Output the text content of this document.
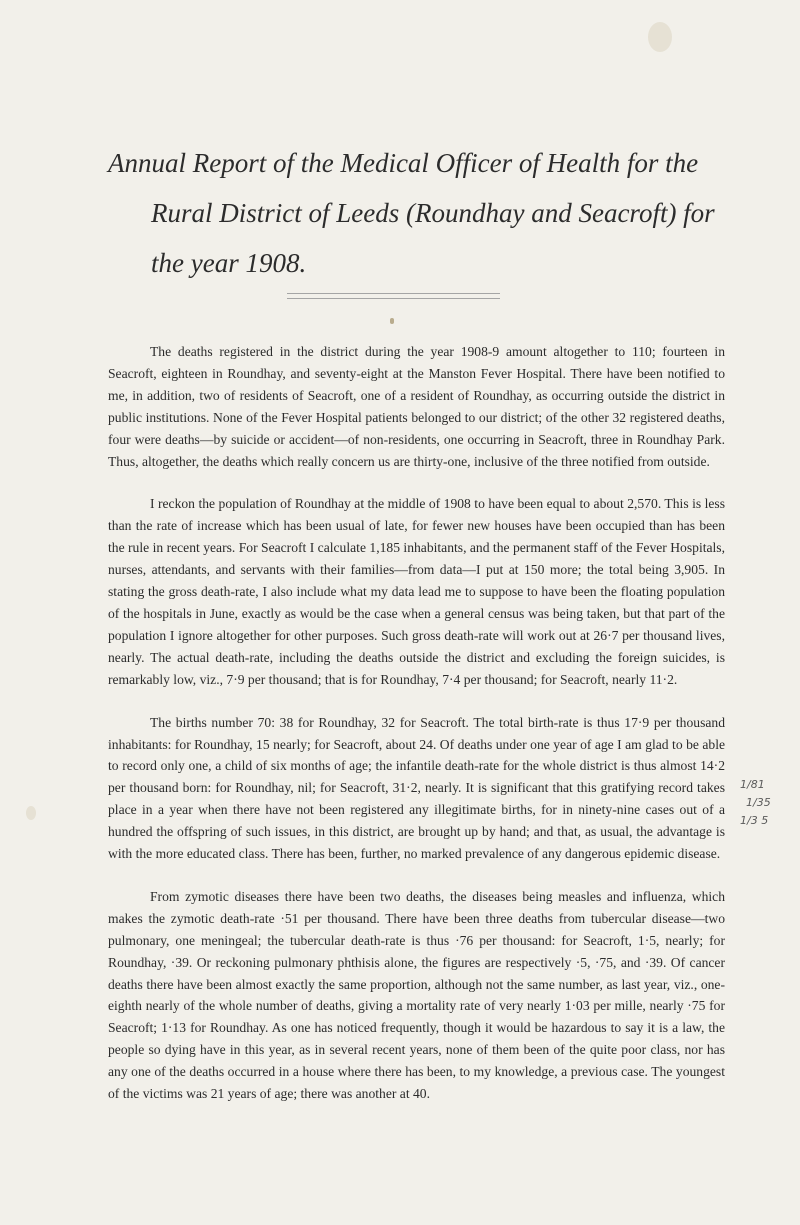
Annual Report of the Medical Officer of Health for the
Rural District of Leeds (Roundhay and Seacroft) for
the year 1908.

The deaths registered in the district during the year 1908-9 amount altogether to 110; fourteen in Seacroft, eighteen in Roundhay, and seventy-eight at the Manston Fever Hospital. There have been notified to me, in addition, two of residents of Seacroft, one of a resident of Roundhay, as occurring outside the district in public institutions. None of the Fever Hospital patients belonged to our district; of the other 32 registered deaths, four were deaths—by suicide or accident—of non-residents, one occurring in Seacroft, three in Roundhay Park. Thus, altogether, the deaths which really concern us are thirty-one, inclusive of the three notified from outside.

I reckon the population of Roundhay at the middle of 1908 to have been equal to about 2,570. This is less than the rate of increase which has been usual of late, for fewer new houses have been occupied than has been the rule in recent years. For Seacroft I calculate 1,185 inhabitants, and the permanent staff of the Fever Hospitals, nurses, attendants, and servants with their families—from data—I put at 150 more; the total being 3,905. In stating the gross death-rate, I also include what my data lead me to suppose to have been the floating population of the hospitals in June, exactly as would be the case when a general census was being taken, but that part of the population I ignore altogether for other purposes. Such gross death-rate will work out at 26·7 per thousand lives, nearly. The actual death-rate, including the deaths outside the district and excluding the foreign suicides, is remarkably low, viz., 7·9 per thousand; that is for Roundhay, 7·4 per thousand; for Seacroft, nearly 11·2.

The births number 70: 38 for Roundhay, 32 for Seacroft. The total birth-rate is thus 17·9 per thousand inhabitants: for Roundhay, 15 nearly; for Seacroft, about 24. Of deaths under one year of age I am glad to be able to record only one, a child of six months of age; the infantile death-rate for the whole district is thus almost 14·2 per thousand born: for Roundhay, nil; for Seacroft, 31·2, nearly. It is significant that this gratifying record takes place in a year when there have not been registered any illegitimate births, for in ninety-nine cases out of a hundred the offspring of such issues, in this district, are brought up by hand; and that, as usual, the advantage is with the more educated class. There has been, further, no marked prevalence of any dangerous epidemic disease.

From zymotic diseases there have been two deaths, the diseases being measles and influenza, which makes the zymotic death-rate ·51 per thousand. There have been three deaths from tubercular disease—two pulmonary, one meningeal; the tubercular death-rate is thus ·76 per thousand: for Seacroft, 1·5, nearly; for Roundhay, ·39. Or reckoning pulmonary phthisis alone, the figures are respectively ·5, ·75, and ·39. Of cancer deaths there have been almost exactly the same proportion, although not the same number, as last year, viz., one-eighth nearly of the whole number of deaths, giving a mortality rate of very nearly 1·03 per mille, nearly ·75 for Seacroft; 1·13 for Roundhay. As one has noticed frequently, though it would be hazardous to say it is a law, the people so dying have in this year, as in several recent years, none of them been of the quite poor class, nor has any one of the deaths occurred in a house where there has been, to my knowledge, a previous case. The youngest of the victims was 21 years of age; there was another at 40.

1/81
1/35
1/3 5
